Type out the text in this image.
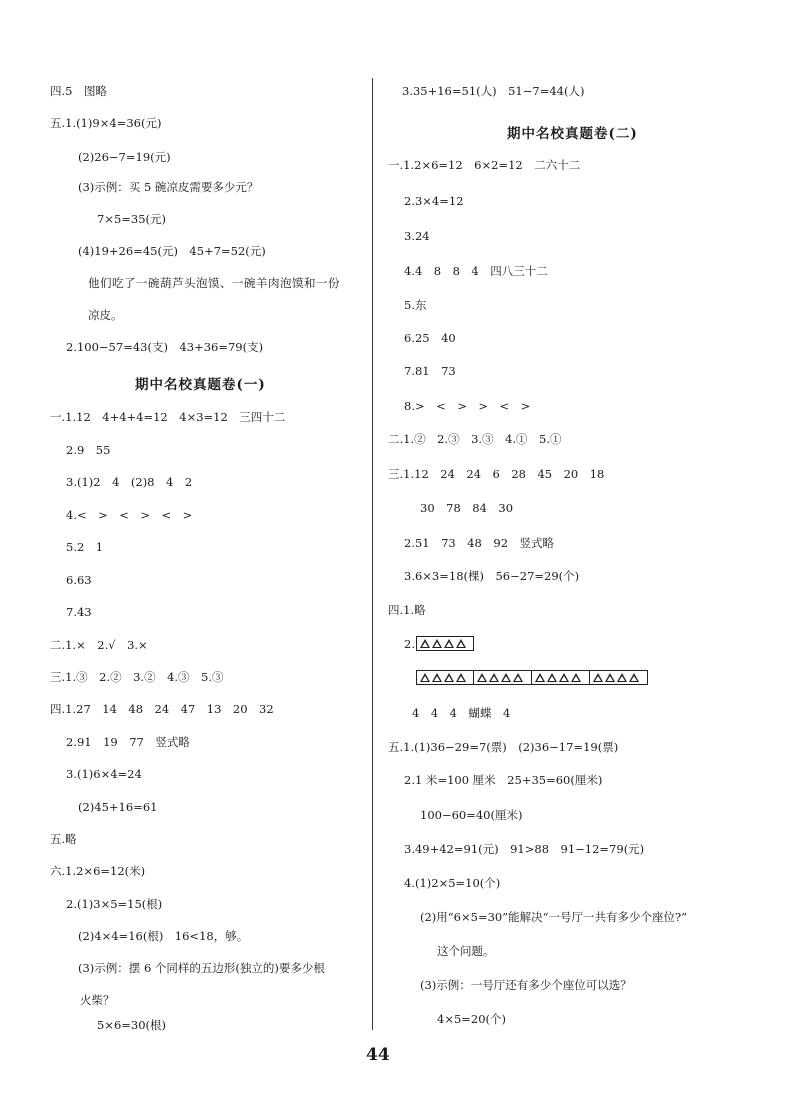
四.5　图略
五.1.(1)9×4=36(元)
(2)26−7=19(元)
(3)示例：买 5 碗凉皮需要多少元？
7×5=35(元)
(4)19+26=45(元)　45+7=52(元)
他们吃了一碗葫芦头泡馍、一碗羊肉泡馍和一份
凉皮。
2.100−57=43(支)　43+36=79(支)
期中名校真题卷(一)
一.1.12　4+4+4=12　4×3=12　三四十二
2.9　55
3.(1)2　4　(2)8　4　2
4.<　>　<　>　<　>
5.2　1
6.63
7.43
二.1.×　2.√　3.×
三.1.③　2.②　3.②　4.③　5.③
四.1.27　14　48　24　47　13　20　32
2.91　19　77　竖式略
3.(1)6×4=24
(2)45+16=61
五.略
六.1.2×6=12(米)
2.(1)3×5=15(根)
(2)4×4=16(根)　16<18，够。
(3)示例：摆 6 个同样的五边形(独立的)要多少根
火柴？
5×6=30(根)
3.35+16=51(人)　51−7=44(人)
期中名校真题卷(二)
一.1.2×6=12　6×2=12　二六十二
2.3×4=12
3.24
4.4　8　8　4　四八三十二
5.东
6.25　40
7.81　73
8.>　<　>　>　<　>
二.1.②　2.③　3.③　4.①　5.①
三.1.12　24　24　6　28　45　20　18
30　78　84　30
2.51　73　48　92　竖式略
3.6×3=18(棵)　56−27=29(个)
四.1.略
2.
4　4　4　蝴蝶　4
五.1.(1)36−29=7(票)　(2)36−17=19(票)
2.1 米=100 厘米　25+35=60(厘米)
100−60=40(厘米)
3.49+42=91(元)　91>88　91−12=79(元)
4.(1)2×5=10(个)
(2)用“6×5=30”能解决“一号厅一共有多少个座位?”
这个问题。
(3)示例：一号厅还有多少个座位可以选？
4×5=20(个)
44
